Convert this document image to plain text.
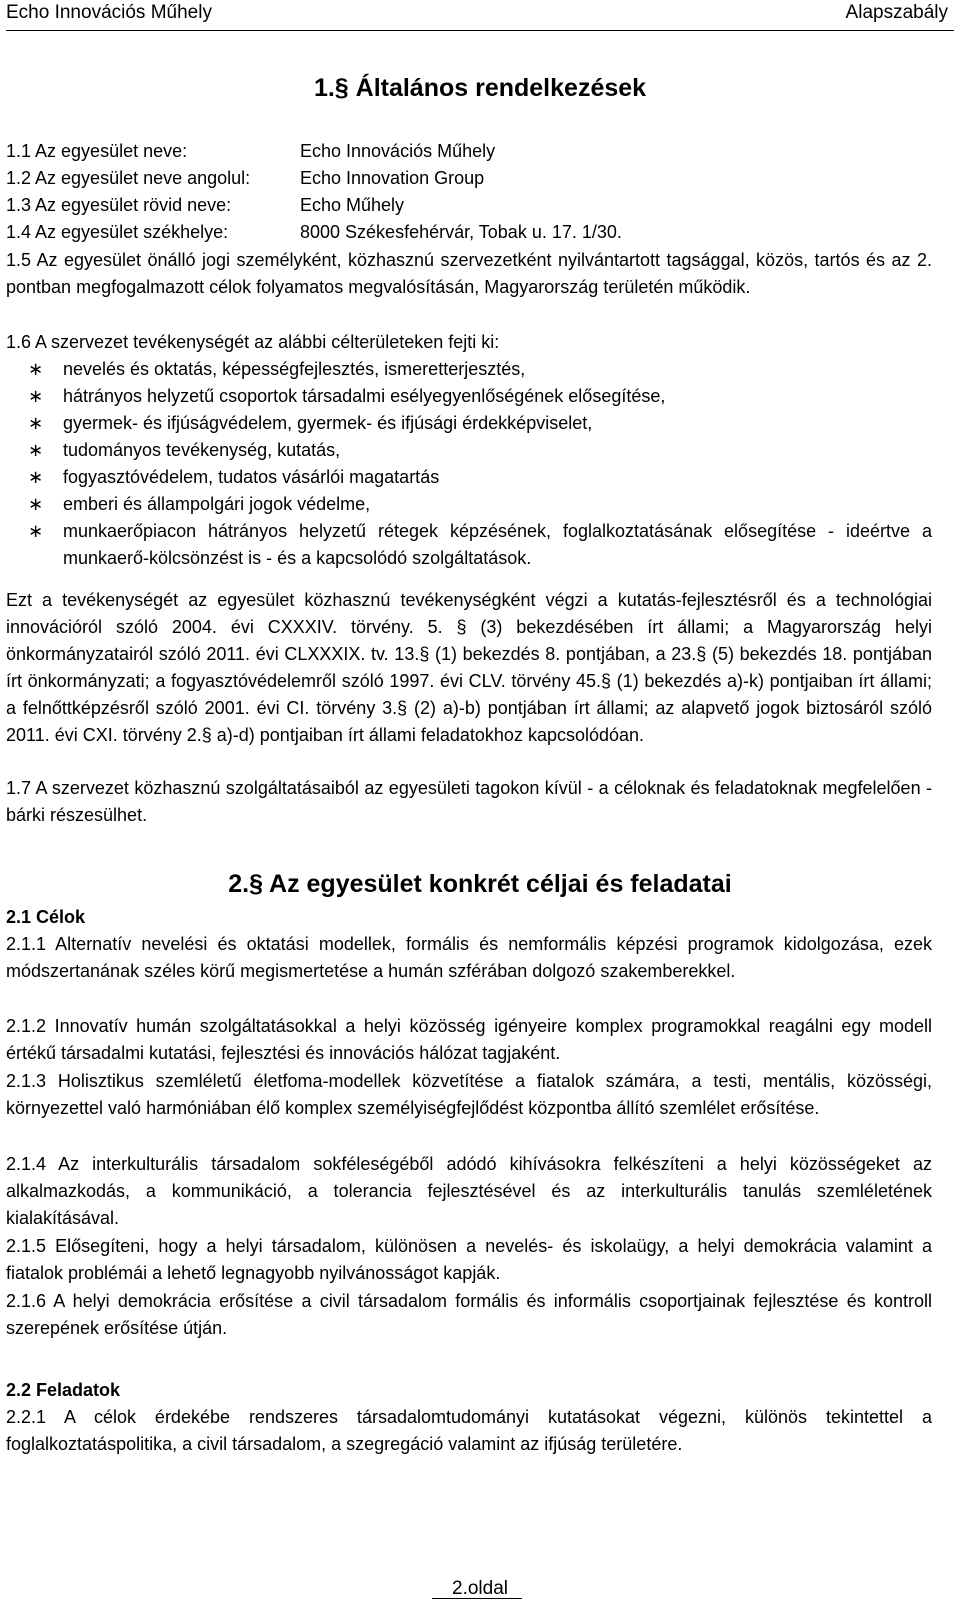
Echo Innovációs Műhely	Alapszabály
1.§ Általános rendelkezések
1.1 Az egyesület neve:	Echo Innovációs Műhely
1.2 Az egyesület neve angolul:	Echo Innovation Group
1.3 Az egyesület rövid neve:	Echo Műhely
1.4 Az egyesület székhelye:	8000 Székesfehérvár, Tobak u. 17. 1/30.
1.5 Az egyesület önálló jogi személyként, közhasznú szervezetként nyilvántartott tagsággal, közös, tartós és az 2. pontban megfogalmazott célok folyamatos megvalósításán, Magyarország területén működik.
1.6 A szervezet tevékenységét az alábbi célterületeken fejti ki:
∗ nevelés és oktatás, képességfejlesztés, ismeretterjesztés,
∗ hátrányos helyzetű csoportok társadalmi esélyegyenlőségének elősegítése,
∗ gyermek- és ifjúságvédelem, gyermek- és ifjúsági érdekképviselet,
∗ tudományos tevékenység, kutatás,
∗ fogyasztóvédelem, tudatos vásárlói magatartás
∗ emberi és állampolgári jogok védelme,
∗ munkaerőpiacon hátrányos helyzetű rétegek képzésének, foglalkoztatásának elősegítése - ideértve a munkaerő-kölcsönzést is - és a kapcsolódó szolgáltatások.
Ezt a tevékenységét az egyesület közhasznú tevékenységként végzi a kutatás-fejlesztésről és a technológiai innovációról szóló 2004. évi CXXXIV. törvény. 5. § (3) bekezdésében írt állami; a Magyarország helyi önkormányzatairól szóló 2011. évi CLXXXIX. tv. 13.§ (1) bekezdés 8. pontjában, a 23.§ (5) bekezdés 18. pontjában írt önkormányzati; a fogyasztóvédelemről szóló 1997. évi CLV. törvény 45.§ (1) bekezdés a)-k) pontjaiban írt állami; a felnőttképzésről szóló 2001. évi CI. törvény 3.§ (2) a)-b) pontjában írt állami; az alapvető jogok biztosáról szóló 2011. évi CXI. törvény 2.§ a)-d) pontjaiban írt állami feladatokhoz kapcsolódóan.
1.7 A szervezet közhasznú szolgáltatásaiból az egyesületi tagokon kívül - a céloknak és feladatoknak megfelelően - bárki részesülhet.
2.§ Az egyesület konkrét céljai és feladatai
2.1 Célok
2.1.1 Alternatív nevelési és oktatási modellek, formális és nemformális képzési programok kidolgozása, ezek módszertanának széles körű megismertetése a humán szférában dolgozó szakemberekkel.
2.1.2 Innovatív humán szolgáltatásokkal a helyi közösség igényeire komplex programokkal reagálni egy modell értékű társadalmi kutatási, fejlesztési és innovációs hálózat tagjaként.
2.1.3 Holisztikus szemléletű életfoma-modellek közvetítése a fiatalok számára, a testi, mentális, közösségi, környezettel való harmóniában élő komplex személyiségfejlődést központba állító szemlélet erősítése.
2.1.4 Az interkulturális társadalom sokféleségéből adódó kihívásokra felkészíteni a helyi közösségeket az alkalmazkodás, a kommunikáció, a tolerancia fejlesztésével és az interkulturális tanulás szemléletének kialakításával.
2.1.5 Elősegíteni, hogy a helyi társadalom, különösen a nevelés- és iskolaügy, a helyi demokrácia valamint a fiatalok problémái a lehető legnagyobb nyilvánosságot kapják.
2.1.6 A helyi demokrácia erősítése a civil társadalom formális és informális csoportjainak fejlesztése és kontroll szerepének erősítése útján.
2.2 Feladatok
2.2.1 A célok érdekébe rendszeres társadalomtudományi kutatásokat végezni, különös tekintettel a foglalkoztatáspolitika, a civil társadalom, a szegregáció valamint az ifjúság területére.
2.oldal
